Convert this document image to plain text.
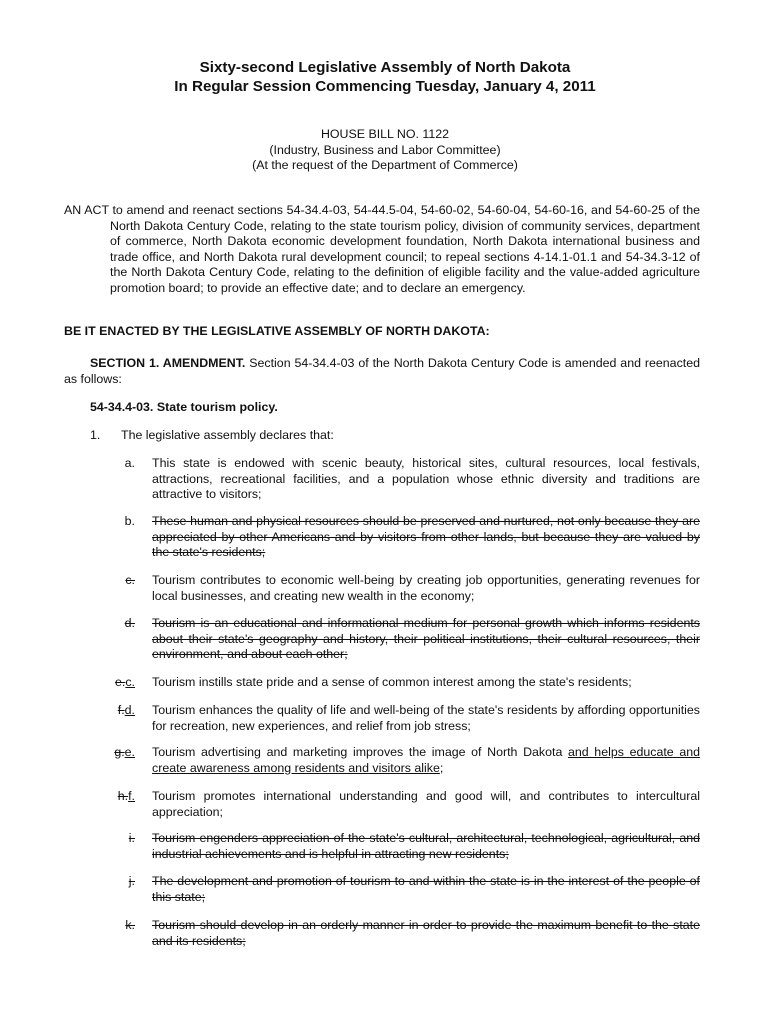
Sixty-second Legislative Assembly of North Dakota
In Regular Session Commencing Tuesday, January 4, 2011
HOUSE BILL NO. 1122
(Industry, Business and Labor Committee)
(At the request of the Department of Commerce)
AN ACT to amend and reenact sections 54-34.4-03, 54-44.5-04, 54-60-02, 54-60-04, 54-60-16, and 54-60-25 of the North Dakota Century Code, relating to the state tourism policy, division of community services, department of commerce, North Dakota economic development foundation, North Dakota international business and trade office, and North Dakota rural development council; to repeal sections 4-14.1-01.1 and 54-34.3-12 of the North Dakota Century Code, relating to the definition of eligible facility and the value-added agriculture promotion board; to provide an effective date; and to declare an emergency.
BE IT ENACTED BY THE LEGISLATIVE ASSEMBLY OF NORTH DAKOTA:
SECTION 1. AMENDMENT. Section 54-34.4-03 of the North Dakota Century Code is amended and reenacted as follows:
54-34.4-03. State tourism policy.
1. The legislative assembly declares that:
a. This state is endowed with scenic beauty, historical sites, cultural resources, local festivals, attractions, recreational facilities, and a population whose ethnic diversity and traditions are attractive to visitors;
b. These human and physical resources should be preserved and nurtured, not only because they are appreciated by other Americans and by visitors from other lands, but because they are valued by the state's residents;
c. Tourism contributes to economic well-being by creating job opportunities, generating revenues for local businesses, and creating new wealth in the economy;
d. Tourism is an educational and informational medium for personal growth which informs residents about their state's geography and history, their political institutions, their cultural resources, their environment, and about each other;
e.c. Tourism instills state pride and a sense of common interest among the state's residents;
f.d. Tourism enhances the quality of life and well-being of the state's residents by affording opportunities for recreation, new experiences, and relief from job stress;
g.e. Tourism advertising and marketing improves the image of North Dakota and helps educate and create awareness among residents and visitors alike;
h.f. Tourism promotes international understanding and good will, and contributes to intercultural appreciation;
i. Tourism engenders appreciation of the state's cultural, architectural, technological, agricultural, and industrial achievements and is helpful in attracting new residents;
j. The development and promotion of tourism to and within the state is in the interest of the people of this state;
k. Tourism should develop in an orderly manner in order to provide the maximum benefit to the state and its residents;
